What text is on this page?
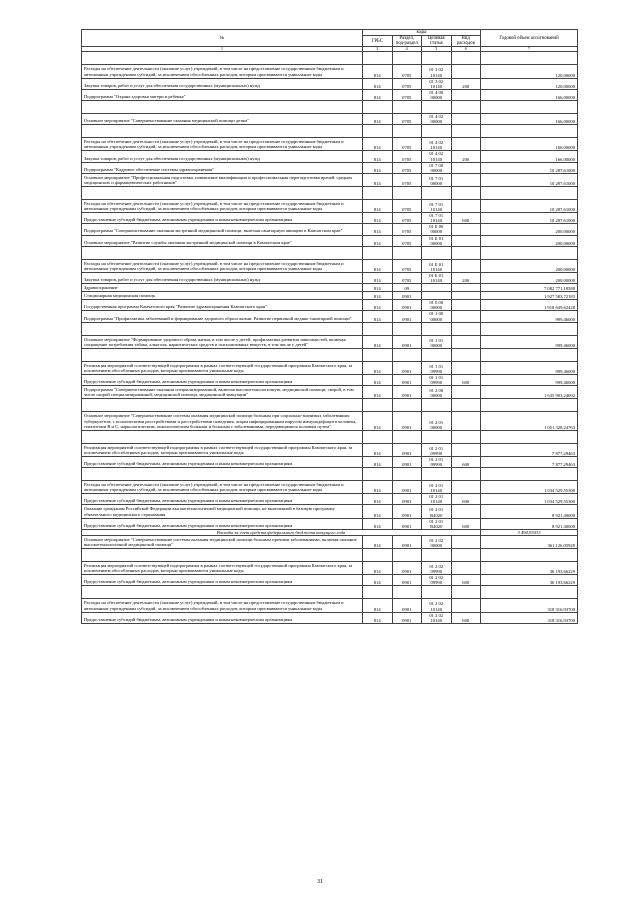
№	коды				Годовой объем ассигнований
	ГРБС	Раздел, под-раздел	Целевая статья	Вид расходов	
1	3	4	5	6	7

Расходы на обеспечение деятельности (оказание услуг) учреждений, в том числе на предоставление государственным бюджетным и автономным учреждениям субсидий, за исключением обособленных расходов, которым присваиваются уникальные коды	814	0705	01 3 02 10140		120,00000
Закупка товаров, работ и услуг для обеспечения государственных (муниципальных) нужд	814	0705	01 3 02 10140	200	120,00000
Подпрограмма "Охрана здоровья матери и ребенка"	814	0705	01 4 00 00000		166,00000

Основное мероприятие "Совершенствование оказания медицинской помощи детям"	814	0705	01 4 02 00000		166,00000

Расходы на обеспечение деятельности (оказание услуг) учреждений, в том числе на предоставление государственным бюджетным и автономным учреждениям субсидий, за исключением обособленных расходов, которым присваиваются уникальные коды	814	0705	01 4 02 10140		166,00000
Закупка товаров, работ и услуг для обеспечения государственных (муниципальных) нужд	814	0705	01 4 02 10140	200	166,00000
Подпрограмма "Кадровое обеспечение системы здравоохранения"	814	0705	01 7 00 00000		10 287,61000
Основное мероприятие "Профессиональная подготовка, повышение квалификации и профессиональная переподготовка врачей, средних медицинских и фармацевтических работников"	814	0705	01 7 01 00000		10 287,61000

Расходы на обеспечение деятельности (оказание услуг) учреждений, в том числе на предоставление государственным бюджетным и автономным учреждениям субсидий, за исключением обособленных расходов, которым присваиваются уникальные коды	814	0705	01 7 01 10140		10 287,61000
Предоставление субсидий бюджетным, автономным учреждениям и иным некоммерческим организациям	814	0705	01 7 01 10140	600	10 287,61000
Подпрограмма "Совершенствование оказания экстренной медицинской помощи, включая санитарную авиацию в Камчатском крае"	814	0705	01 Б 00 00000		200,00000
Основное мероприятие "Развитие службы оказания экстренной медицинской помощи в Камчатском крае"	814	0705	01 Б 01 00000		200,00000

Расходы на обеспечение деятельности (оказание услуг) учреждений, в том числе на предоставление государственным бюджетным и автономным учреждениям субсидий, за исключением обособленных расходов, которым присваиваются уникальные коды	814	0705	01 Б 01 10140		200,00000
Закупка товаров, работ и услуг для обеспечения государственных (муниципальных) нужд	814	0705	01 Б 01 10140	200	200,00000
Здравоохранение	814	09			7 082 771,18580
Стационарная медицинская помощь	814	0901			1 927 583,72183
Государственная программа Камчатского края "Развитие здравоохранения Камчатского края"	814	0901	01 0 00 00000		1 918 649,62428
Подпрограмма "Профилактика заболеваний и формирование здорового образа жизни. Развитие первичной медико-санитарной помощи"	814	0901	01 1 00 00000		999,46000

Основное мероприятие "Формирование здорового образа жизни, в том числе у детей, профилактика развития зависимостей, включая сокращение потребления табака, алкоголя, наркотических средств и психоактивных веществ, в том числе у детей"	814	0901	01 1 01 00000		999,46000

Реализация мероприятий соответствующей подпрограммы в рамках соответствующей государственной программы Камчатского края, за исключением обособленных расходов, которым присваиваются уникальные коды	814	0901	01 1 01 09990		999,46000
Предоставление субсидий бюджетным, автономным учреждениям и иным некоммерческим организациям	814	0901	01 1 01 09990	600	999,46000
Подпрограмма "Совершенствование оказания специализированной, включая высокотехнологичную, медицинской помощи, скорой, в том числе скорой специализированной, медицинской помощи, медицинской эвакуации"	814	0901	01 2 00 00000		1 635 903,24692

Основное мероприятие "Совершенствование системы оказания медицинской помощи больным при социально-значимых заболеваниях: туберкулезом, с психическими расстройствами и расстройствами поведения, лицам инфицированным вирусом иммунодефицита человека, гепатитами В и С, наркологическим, онкологическим больным и больным с заболеваниями, передающимися половым путем"	814	0901	01 2 01 00000		1 051 328,24763

Реализация мероприятий соответствующей подпрограммы в рамках соответствующей государственной программы Камчатского края, за исключением обособленных расходов, которым присваиваются уникальные коды	814	0901	01 2 01 09990		7 877,29463
Предоставление субсидий бюджетным, автономным учреждениям и иным некоммерческим организациям	814	0901	01 2 01 09990	600	7 877,29463

Расходы на обеспечение деятельности (оказание услуг) учреждений, в том числе на предоставление государственным бюджетным и автономным учреждениям субсидий, за исключением обособленных расходов, которым присваиваются уникальные коды	814	0901	01 2 01 10140		1 034 529,55300
Предоставление субсидий бюджетным, автономным учреждениям и иным некоммерческим организациям	814	0901	01 2 01 10140	600	1 034 529,55300
Оказание гражданам Российской Федерации высокотехнологичной медицинской помощи, не включенной в базовую программу обязательного медицинского страхования	814	0901	01 2 01 R4020		8 921,40000
Предоставление субсидий бюджетным, автономным учреждениям и иным некоммерческим организациям	814	0901	01 2 01 R4020	600	8 921,40000
Расходы за счет средств федерального бюджета текущего года					3 494,93033
Основное мероприятие "Совершенствование системы оказания медицинской помощи больным прочими заболеваниями, включая оказание высокотехнологичной медицинской помощи"	814	0901	01 2 02 00000		361 126,05929

Реализация мероприятий соответствующей подпрограммы в рамках соответствующей государственной программы Камчатского края, за исключением обособленных расходов, которым присваиваются уникальные коды	814	0901	01 2 02 09990		36 193,66229
Предоставление субсидий бюджетным, автономным учреждениям и иным некоммерческим организациям	814	0901	01 2 02 09990	600	36 193,66229

Расходы на обеспечение деятельности (оказание услуг) учреждений, в том числе на предоставление государственным бюджетным и автономным учреждениям субсидий, за исключением обособленных расходов, которым присваиваются уникальные коды	814	0901	01 2 02 10140		318 316,93700
Предоставление субсидий бюджетным, автономным учреждениям и иным некоммерческим организациям	814	0901	01 2 02 10140	600	318 316,93700
31
